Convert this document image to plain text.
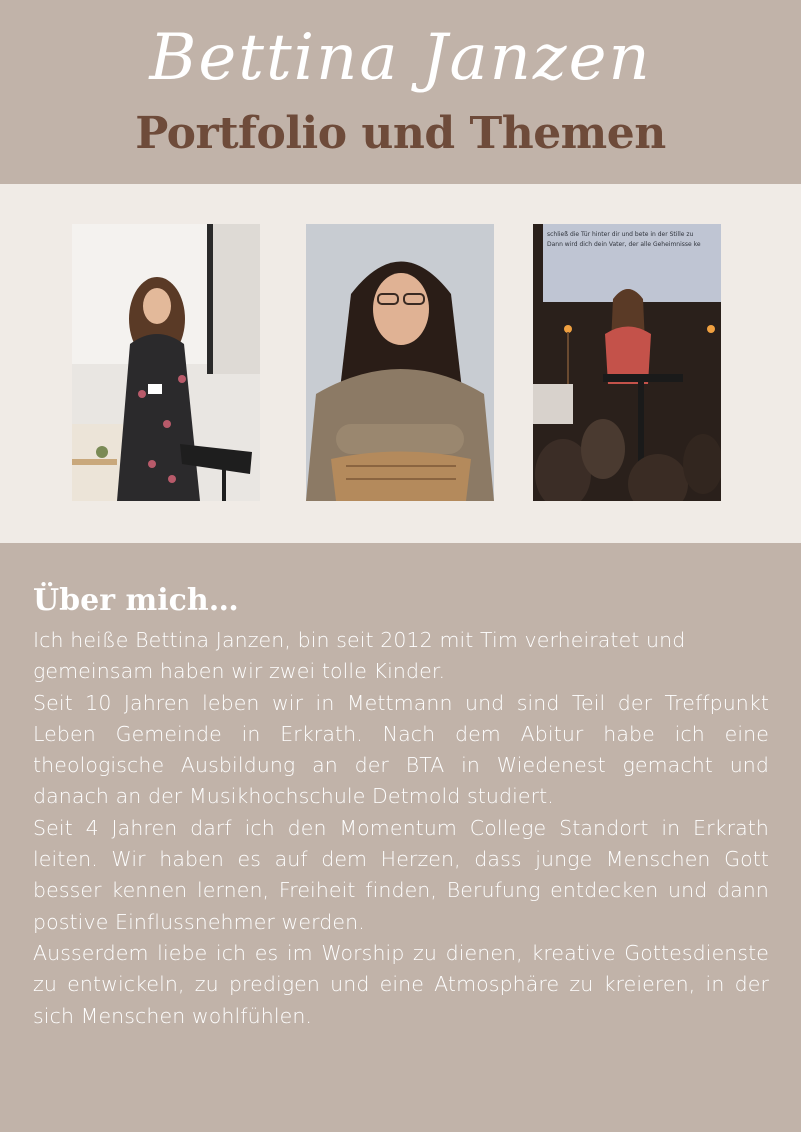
Bettina Janzen
Portfolio und Themen
schließ die Tür hinter dir und bete in der Stille zu
Dann wird dich dein Vater, der alle Geheimnisse ke
Über mich…

Ich heiße Bettina Janzen, bin seit 2012 mit Tim verheiratet und gemeinsam haben wir zwei tolle Kinder.

Seit 10 Jahren leben wir in Mettmann und sind Teil der Treffpunkt Leben Gemeinde in Erkrath. Nach dem Abitur habe ich eine theologische Ausbildung an der BTA in Wiedenest gemacht und danach an der Musikhochschule Detmold studiert.

Seit 4 Jahren darf ich den Momentum College Standort in Erkrath leiten. Wir haben es auf dem Herzen, dass junge Menschen Gott besser kennen lernen, Freiheit finden, Berufung entdecken und dann postive Einflussnehmer werden.

Ausserdem liebe ich es im Worship zu dienen, kreative Gottesdienste zu entwickeln, zu predigen und eine Atmosphäre zu kreieren, in der sich Menschen wohlfühlen.
